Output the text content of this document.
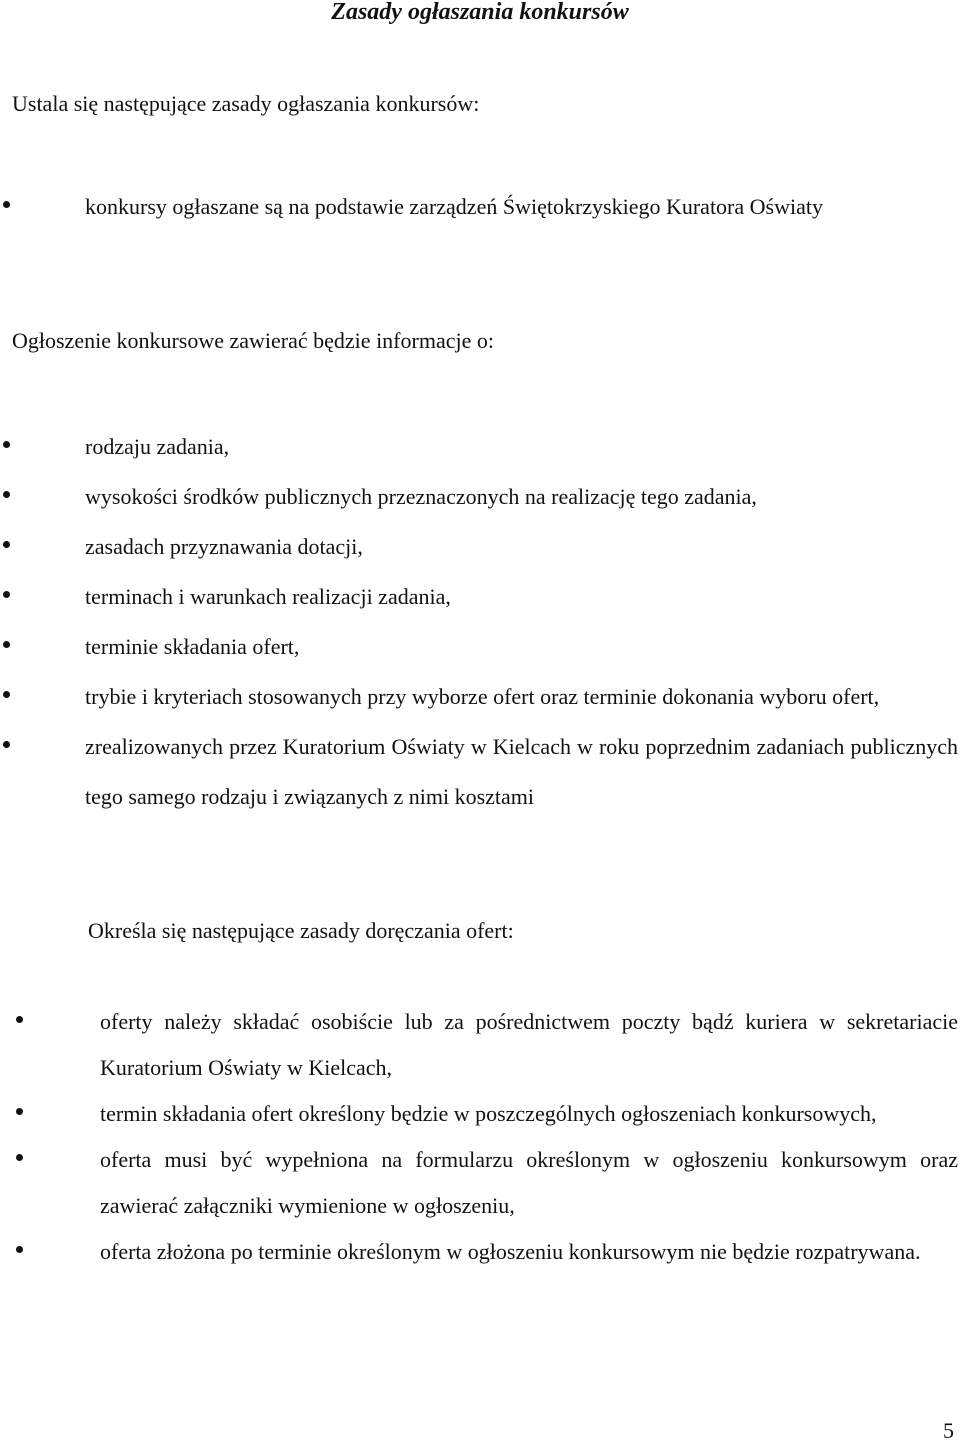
Zasady ogłaszania konkursów
Ustala się następujące zasady ogłaszania konkursów:
konkursy ogłaszane są na podstawie zarządzeń Świętokrzyskiego Kuratora Oświaty
Ogłoszenie konkursowe zawierać będzie informacje o:
rodzaju zadania,
wysokości środków publicznych przeznaczonych na realizację tego zadania,
zasadach przyznawania dotacji,
terminach i warunkach realizacji zadania,
terminie składania ofert,
trybie i kryteriach stosowanych przy wyborze ofert oraz terminie dokonania wyboru ofert,
zrealizowanych przez Kuratorium Oświaty w Kielcach w roku poprzednim zadaniach publicznych tego samego rodzaju i związanych z nimi kosztami
Określa się następujące zasady doręczania ofert:
oferty należy składać osobiście lub za pośrednictwem poczty bądź kuriera w sekretariacie Kuratorium Oświaty w Kielcach,
termin składania ofert określony będzie w poszczególnych ogłoszeniach konkursowych,
oferta musi być wypełniona na formularzu określonym w ogłoszeniu konkursowym oraz zawierać załączniki wymienione w ogłoszeniu,
oferta złożona po terminie określonym w ogłoszeniu konkursowym nie będzie rozpatrywana.
5
